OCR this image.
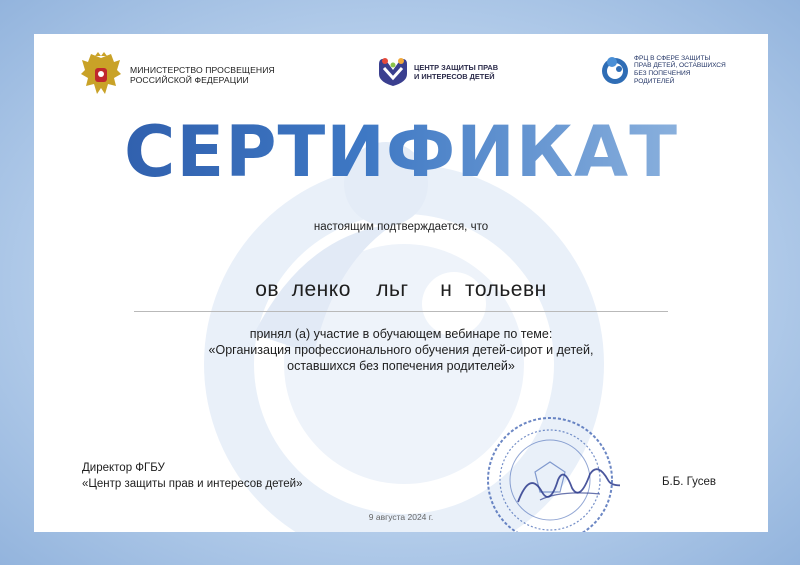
МИНИСТЕРСТВО ПРОСВЕЩЕНИЯ
РОССИЙСКОЙ ФЕДЕРАЦИИ
ЦЕНТР ЗАЩИТЫ ПРАВ
И ИНТЕРЕСОВ ДЕТЕЙ
ФРЦ В СФЕРЕ ЗАЩИТЫ
ПРАВ ДЕТЕЙ, ОСТАВШИХСЯ
БЕЗ ПОПЕЧЕНИЯ
РОДИТЕЛЕЙ
СЕРТИФИКАТ
настоящим подтверждается, что
ов  ленко    льг     н  тольевн
принял (а) участие в обучающем вебинаре по теме:
«Организация профессионального обучения детей-сирот и детей,
оставшихся без попечения родителей»
Директор ФГБУ
«Центр защиты прав и интересов детей»	Б.Б. Гусев
9 августа 2024 г.
